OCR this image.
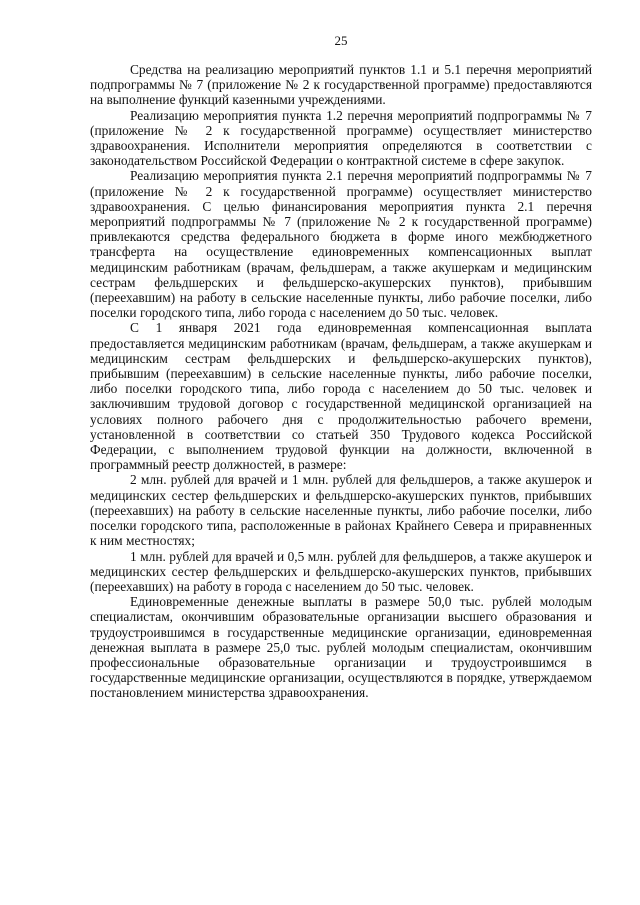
25

Средства на реализацию мероприятий пунктов 1.1 и 5.1 перечня мероприятий подпрограммы № 7 (приложение № 2 к государственной программе) предоставляются на выполнение функций казенными учреждениями.

Реализацию мероприятия пункта 1.2 перечня мероприятий подпрограммы № 7 (приложение № 2 к государственной программе) осуществляет министерство здравоохранения. Исполнители мероприятия определяются в соответствии с законодательством Российской Федерации о контрактной системе в сфере закупок.

Реализацию мероприятия пункта 2.1 перечня мероприятий подпрограммы № 7 (приложение № 2 к государственной программе) осуществляет министерство здравоохранения. С целью финансирования мероприятия пункта 2.1 перечня мероприятий подпрограммы № 7 (приложение № 2 к государственной программе) привлекаются средства федерального бюджета в форме иного межбюджетного трансферта на осуществление единовременных компенсационных выплат медицинским работникам (врачам, фельдшерам, а также акушеркам и медицинским сестрам фельдшерских и фельдшерско-акушерских пунктов), прибывшим (переехавшим) на работу в сельские населенные пункты, либо рабочие поселки, либо поселки городского типа, либо города с населением до 50 тыс. человек.

С 1 января 2021 года единовременная компенсационная выплата предоставляется медицинским работникам (врачам, фельдшерам, а также акушеркам и медицинским сестрам фельдшерских и фельдшерско-акушерских пунктов), прибывшим (переехавшим) в сельские населенные пункты, либо рабочие поселки, либо поселки городского типа, либо города с населением до 50 тыс. человек и заключившим трудовой договор с государственной медицинской организацией на условиях полного рабочего дня с продолжительностью рабочего времени, установленной в соответствии со статьей 350 Трудового кодекса Российской Федерации, с выполнением трудовой функции на должности, включенной в программный реестр должностей, в размере:

2 млн. рублей для врачей и 1 млн. рублей для фельдшеров, а также акушерок и медицинских сестер фельдшерских и фельдшерско-акушерских пунктов, прибывших (переехавших) на работу в сельские населенные пункты, либо рабочие поселки, либо поселки городского типа, расположенные в районах Крайнего Севера и приравненных к ним местностях;

1 млн. рублей для врачей и 0,5 млн. рублей для фельдшеров, а также акушерок и медицинских сестер фельдшерских и фельдшерско-акушерских пунктов, прибывших (переехавших) на работу в города с населением до 50 тыс. человек.

Единовременные денежные выплаты в размере 50,0 тыс. рублей молодым специалистам, окончившим образовательные организации высшего образования и трудоустроившимся в государственные медицинские организации, единовременная денежная выплата в размере 25,0 тыс. рублей молодым специалистам, окончившим профессиональные образовательные организации и трудоустроившимся в государственные медицинские организации, осуществляются в порядке, утверждаемом постановлением министерства здравоохранения.
